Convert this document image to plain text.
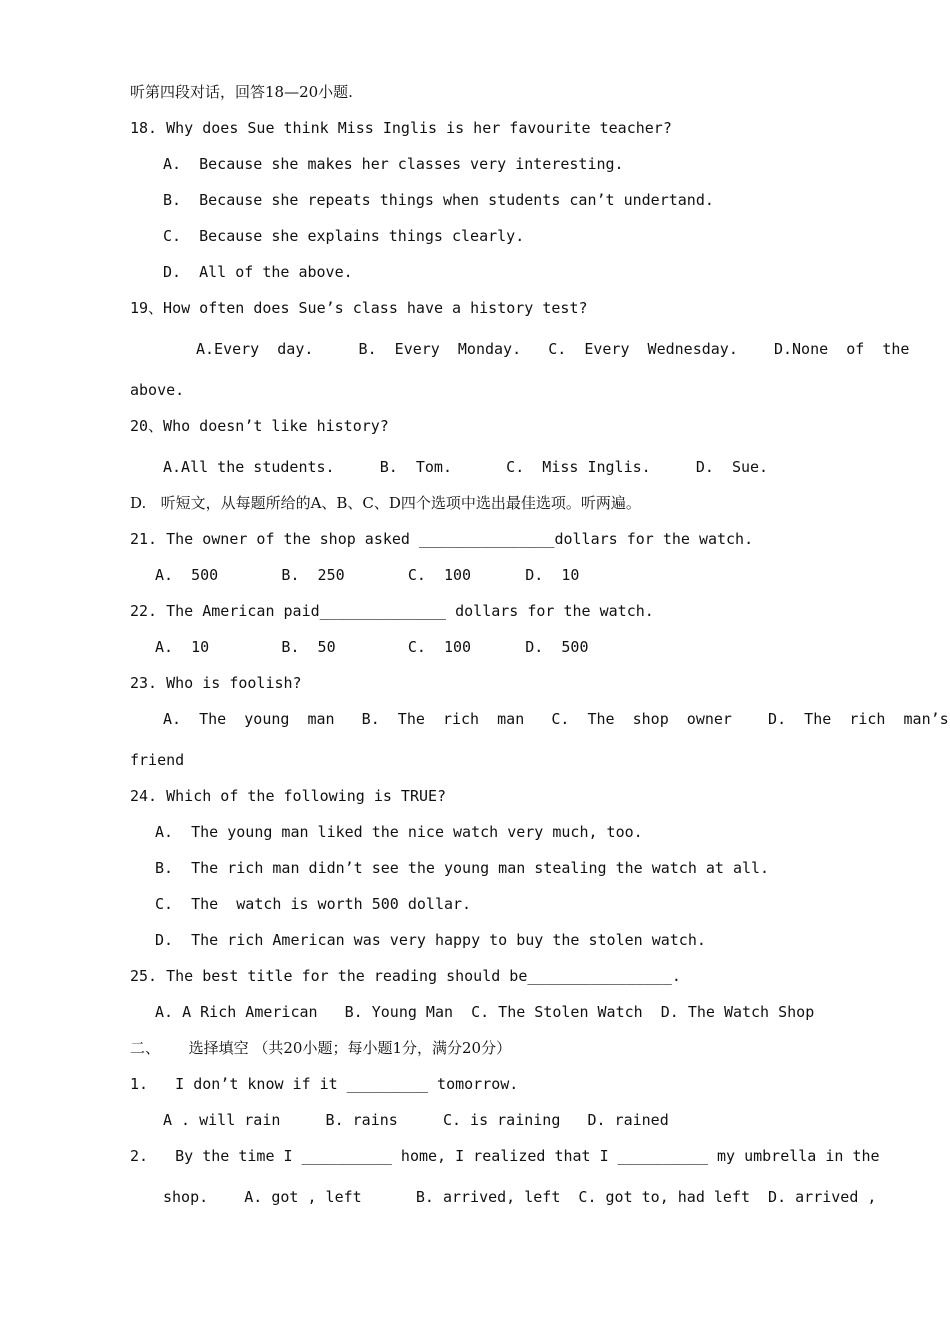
听第四段对话，回答18—20小题.

18. Why does Sue think Miss Inglis is her favourite teacher?

A.  Because she makes her classes very interesting.

B.  Because she repeats things when students can’t undertand.

C.  Because she explains things clearly.

D.  All of the above.

19、How often does Sue’s class have a history test?

A.Every  day.     B.  Every  Monday.   C.  Every  Wednesday.    D.None  of  the

above.

20、Who doesn’t like history?

A.All the students.     B.  Tom.      C.  Miss Inglis.     D.  Sue.

D.   听短文，从每题所给的A、B、C、D四个选项中选出最佳选项。听两遍。

21. The owner of the shop asked _______________dollars for the watch.

A.  500       B.  250       C.  100      D.  10

22. The American paid______________ dollars for the watch.

A.  10        B.  50        C.  100      D.  500

23. Who is foolish?

A.  The  young  man   B.  The  rich  man   C.  The  shop  owner    D.  The  rich  man’s

friend

24. Which of the following is TRUE?

A.  The young man liked the nice watch very much, too.

B.  The rich man didn’t see the young man stealing the watch at all.

C.  The  watch is worth 500 dollar.

D.  The rich American was very happy to buy the stolen watch.

25. The best title for the reading should be________________.

A. A Rich American   B. Young Man  C. The Stolen Watch  D. The Watch Shop

二、      选择填空 （共20小题；每小题1分，满分20分）

1.   I don’t know if it _________ tomorrow.

A . will rain     B. rains     C. is raining   D. rained

2.   By the time I __________ home, I realized that I __________ my umbrella in the

shop.    A. got , left      B. arrived, left  C. got to, had left  D. arrived ,
